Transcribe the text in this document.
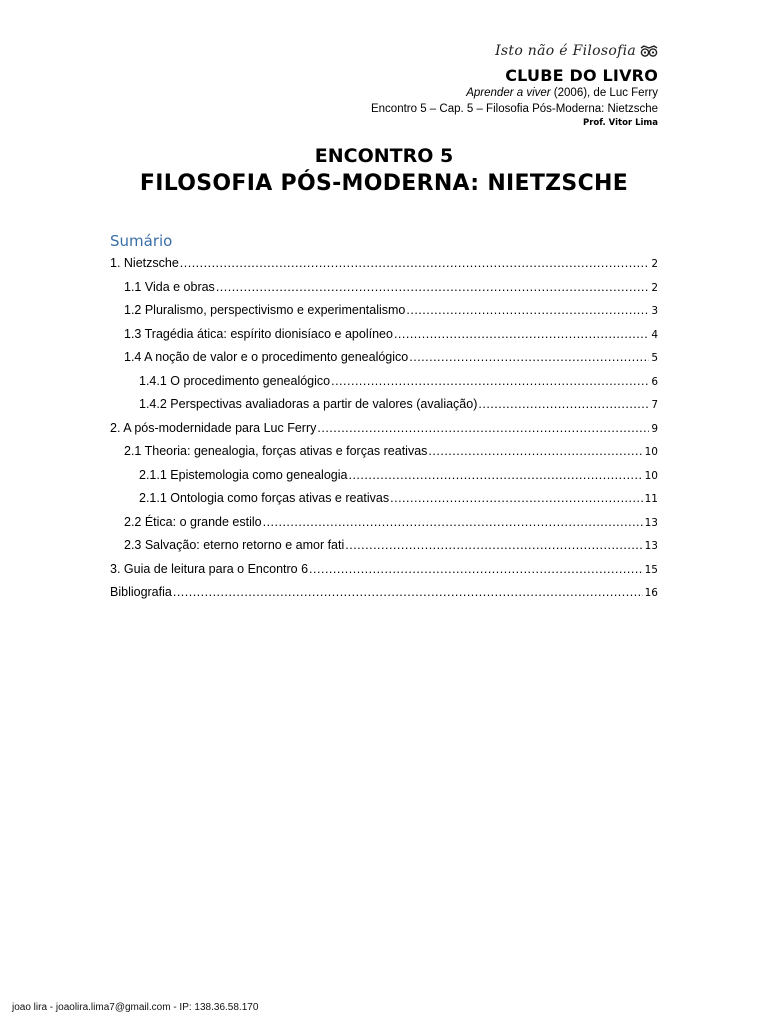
Isto não é Filosofia
CLUBE DO LIVRO
Aprender a viver (2006), de Luc Ferry
Encontro 5 – Cap. 5 – Filosofia Pós-Moderna: Nietzsche
Prof. Vitor Lima
ENCONTRO 5
FILOSOFIA PÓS-MODERNA: NIETZSCHE
Sumário
1. Nietzsche .....	2
1.1 Vida e obras .....	2
1.2 Pluralismo, perspectivismo e experimentalismo .....	3
1.3 Tragédia ática: espírito dionisíaco e apolíneo .....	4
1.4 A noção de valor e o procedimento genealógico .....	5
1.4.1 O procedimento genealógico .....	6
1.4.2 Perspectivas avaliadoras a partir de valores (avaliação) .....	7
2. A pós-modernidade para Luc Ferry .....	9
2.1 Theoria: genealogia, forças ativas e forças reativas .....	10
2.1.1 Epistemologia como genealogia .....	10
2.1.1 Ontologia como forças ativas e reativas .....	11
2.2 Ética: o grande estilo .....	13
2.3 Salvação: eterno retorno e amor fati .....	13
3. Guia de leitura para o Encontro 6 .....	15
Bibliografia .....	16
joao lira - joaolira.lima7@gmail.com - IP: 138.36.58.170
